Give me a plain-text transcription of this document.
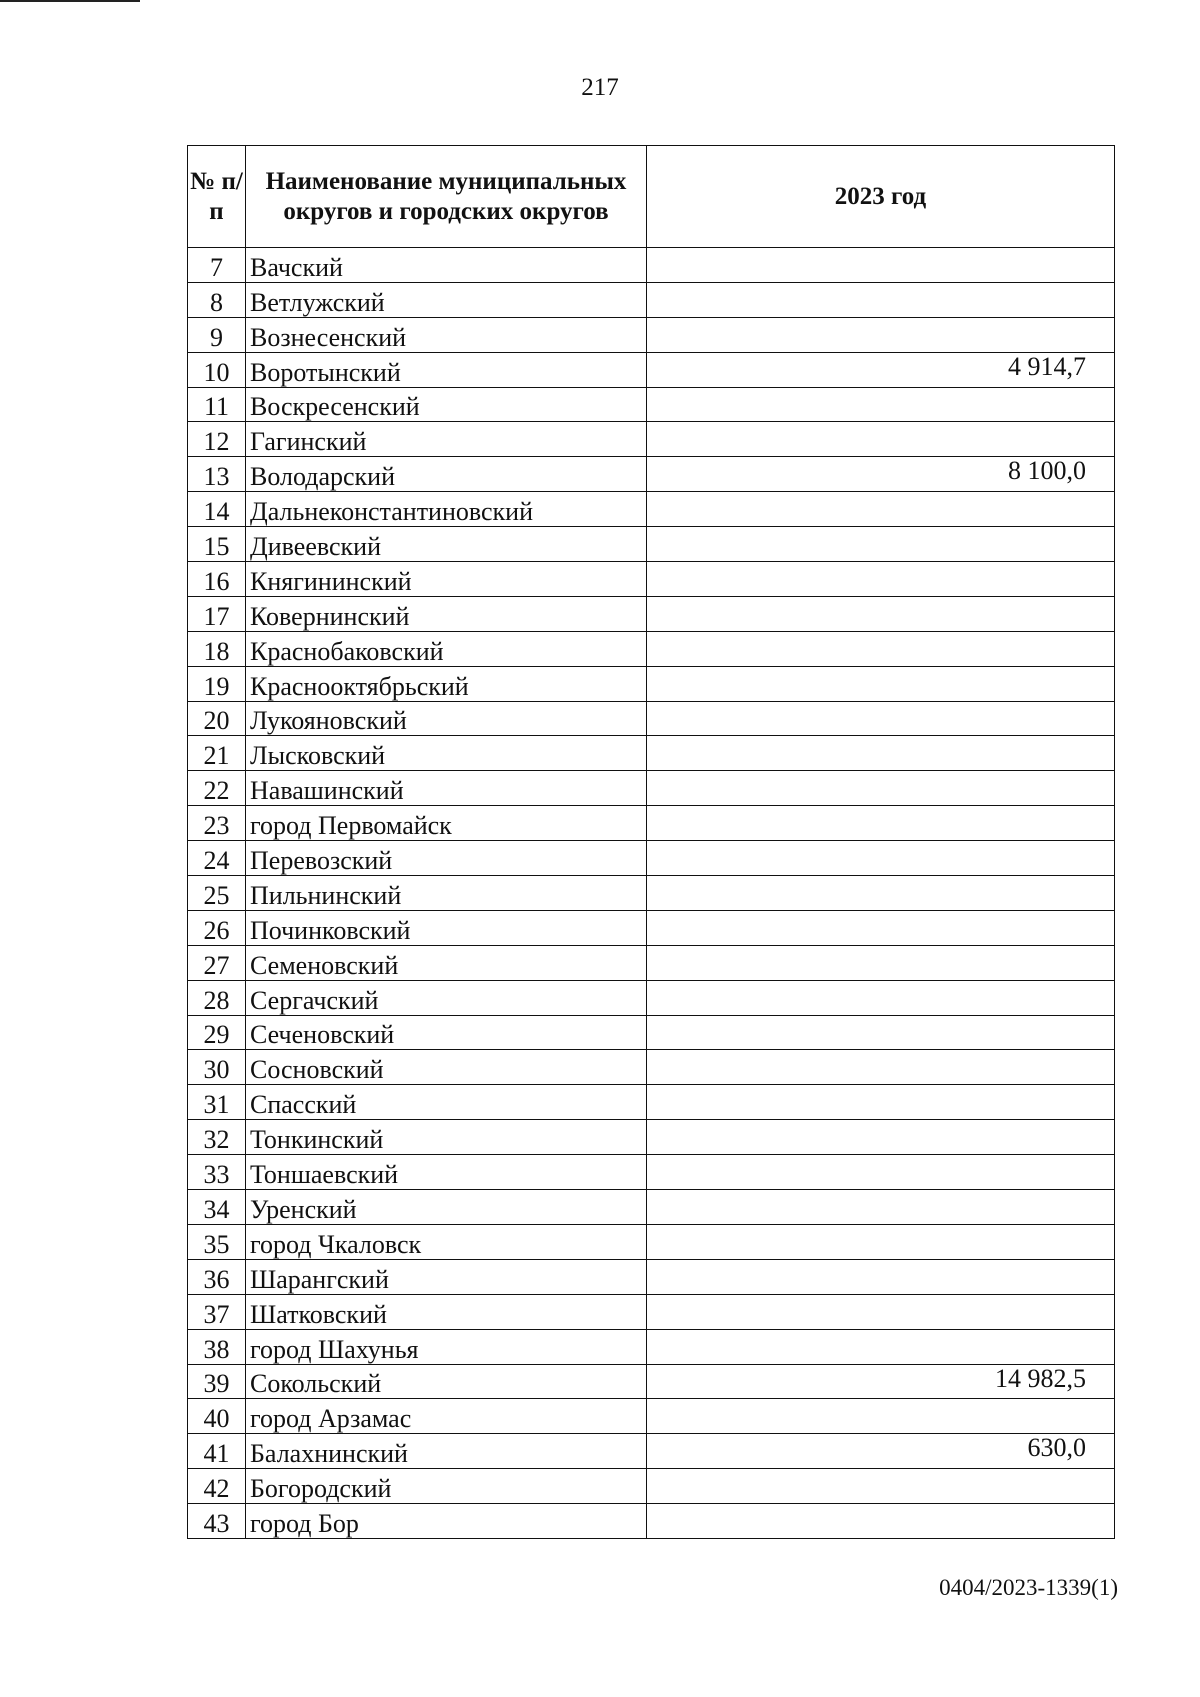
217
№ п/п	Наименование муниципальных округов и городских округов	2023 год
7	Вачский	
8	Ветлужский	
9	Вознесенский	
10	Воротынский	4 914,7
11	Воскресенский	
12	Гагинский	
13	Володарский	8 100,0
14	Дальнеконстантиновский	
15	Дивеевский	
16	Княгининский	
17	Ковернинский	
18	Краснобаковский	
19	Краснооктябрьский	
20	Лукояновский	
21	Лысковский	
22	Навашинский	
23	город Первомайск	
24	Перевозский	
25	Пильнинский	
26	Починковский	
27	Семеновский	
28	Сергачский	
29	Сеченовский	
30	Сосновский	
31	Спасский	
32	Тонкинский	
33	Тоншаевский	
34	Уренский	
35	город Чкаловск	
36	Шарангский	
37	Шатковский	
38	город Шахунья	
39	Сокольский	14 982,5
40	город Арзамас	
41	Балахнинский	630,0
42	Богородский	
43	город Бор	
0404/2023-1339(1)
